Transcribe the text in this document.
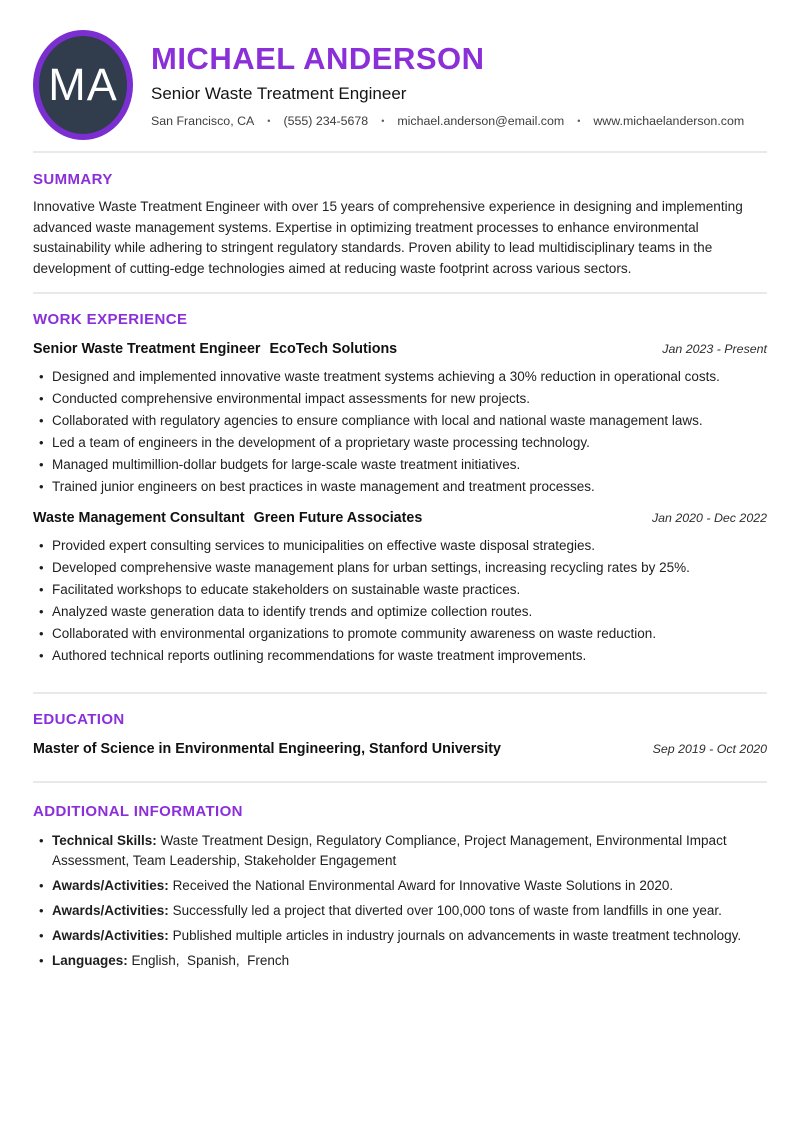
MA
MICHAEL ANDERSON
Senior Waste Treatment Engineer
San Francisco, CA • (555) 234-5678 • michael.anderson@email.com • www.michaelanderson.com
SUMMARY

Innovative Waste Treatment Engineer with over 15 years of comprehensive experience in designing and implementing advanced waste management systems. Expertise in optimizing treatment processes to enhance environmental sustainability while adhering to stringent regulatory standards. Proven ability to lead multidisciplinary teams in the development of cutting-edge technologies aimed at reducing waste footprint across various sectors.

WORK EXPERIENCE
Senior Waste Treatment Engineer EcoTech Solutions	Jan 2023 - Present
• Designed and implemented innovative waste treatment systems achieving a 30% reduction in operational costs.
• Conducted comprehensive environmental impact assessments for new projects.
• Collaborated with regulatory agencies to ensure compliance with local and national waste management laws.
• Led a team of engineers in the development of a proprietary waste processing technology.
• Managed multimillion-dollar budgets for large-scale waste treatment initiatives.
• Trained junior engineers on best practices in waste management and treatment processes.
Waste Management Consultant Green Future Associates	Jan 2020 - Dec 2022
• Provided expert consulting services to municipalities on effective waste disposal strategies.
• Developed comprehensive waste management plans for urban settings, increasing recycling rates by 25%.
• Facilitated workshops to educate stakeholders on sustainable waste practices.
• Analyzed waste generation data to identify trends and optimize collection routes.
• Collaborated with environmental organizations to promote community awareness on waste reduction.
• Authored technical reports outlining recommendations for waste treatment improvements.
EDUCATION
Master of Science in Environmental Engineering, Stanford University	Sep 2019 - Oct 2020
ADDITIONAL INFORMATION
• Technical Skills: Waste Treatment Design, Regulatory Compliance, Project Management, Environmental Impact Assessment, Team Leadership, Stakeholder Engagement
• Awards/Activities: Received the National Environmental Award for Innovative Waste Solutions in 2020.
• Awards/Activities: Successfully led a project that diverted over 100,000 tons of waste from landfills in one year.
• Awards/Activities: Published multiple articles in industry journals on advancements in waste treatment technology.
• Languages: English,  Spanish,  French
